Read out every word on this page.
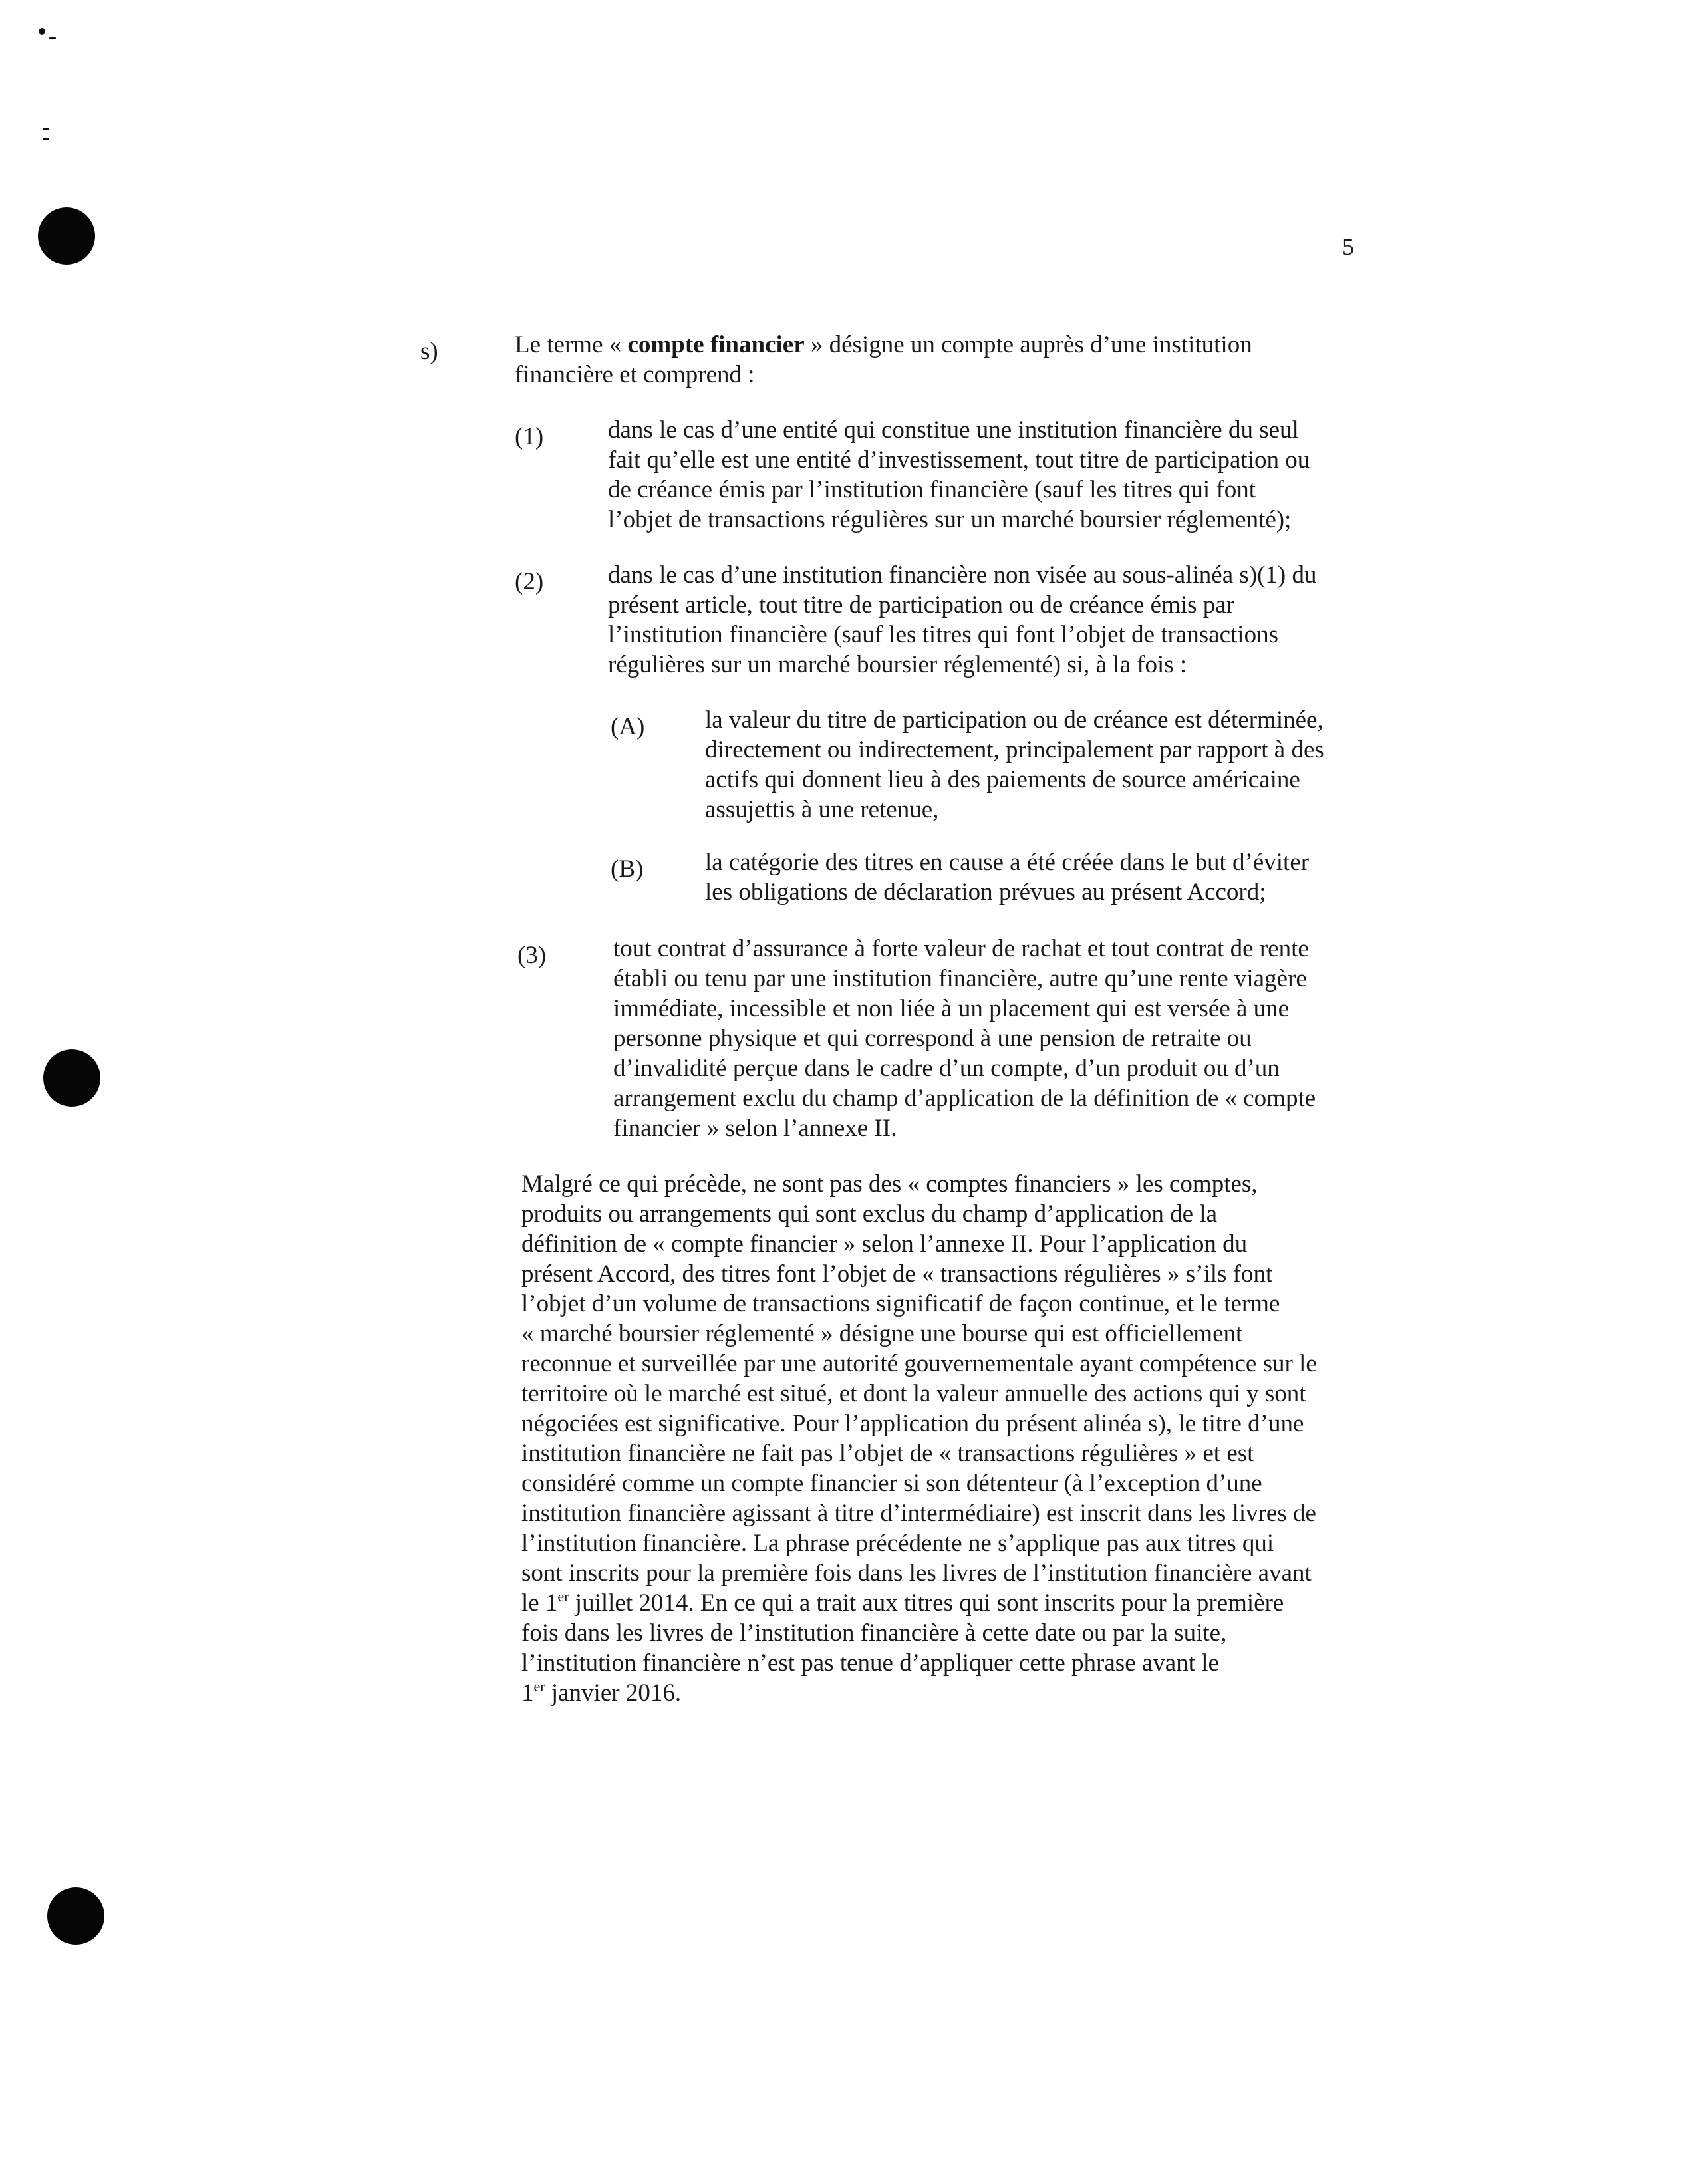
5
s)	Le terme « compte financier » désigne un compte auprès d’une institution
financière et comprend :
(1)	dans le cas d’une entité qui constitue une institution financière du seul
fait qu’elle est une entité d’investissement, tout titre de participation ou
de créance émis par l’institution financière (sauf les titres qui font
l’objet de transactions régulières sur un marché boursier réglementé);
(2)	dans le cas d’une institution financière non visée au sous-alinéa s)(1) du
présent article, tout titre de participation ou de créance émis par
l’institution financière (sauf les titres qui font l’objet de transactions
régulières sur un marché boursier réglementé) si, à la fois :
(A) la valeur du titre de participation ou de créance est déterminée,
directement ou indirectement, principalement par rapport à des
actifs qui donnent lieu à des paiements de source américaine
assujettis à une retenue,
(B)	la catégorie des titres en cause a été créée dans le but d’éviter
les obligations de déclaration prévues au présent Accord;
(3)	tout contrat d’assurance à forte valeur de rachat et tout contrat de rente
établi ou tenu par une institution financière, autre qu’une rente viagère
immédiate, incessible et non liée à un placement qui est versée à une
personne physique et qui correspond à une pension de retraite ou
d’invalidité perçue dans le cadre d’un compte, d’un produit ou d’un
arrangement exclu du champ d’application de la définition de « compte
financier » selon l’annexe II.
Malgré ce qui précède, ne sont pas des « comptes financiers » les comptes,
produits ou arrangements qui sont exclus du champ d’application de la
définition de « compte financier » selon l’annexe II. Pour l’application du
présent Accord, des titres font l’objet de « transactions régulières » s’ils font
l’objet d’un volume de transactions significatif de façon continue, et le terme
« marché boursier réglementé » désigne une bourse qui est officiellement
reconnue et surveillée par une autorité gouvernementale ayant compétence sur le
territoire où le marché est situé, et dont la valeur annuelle des actions qui y sont
négociées est significative. Pour l’application du présent alinéa s), le titre d’une
institution financière ne fait pas l’objet de « transactions régulières » et est
considéré comme un compte financier si son détenteur (à l’exception d’une
institution financière agissant à titre d’intermédiaire) est inscrit dans les livres de
l’institution financière. La phrase précédente ne s’applique pas aux titres qui
sont inscrits pour la première fois dans les livres de l’institution financière avant
le 1er juillet 2014. En ce qui a trait aux titres qui sont inscrits pour la première
fois dans les livres de l’institution financière à cette date ou par la suite,
l’institution financière n’est pas tenue d’appliquer cette phrase avant le
1er janvier 2016.
